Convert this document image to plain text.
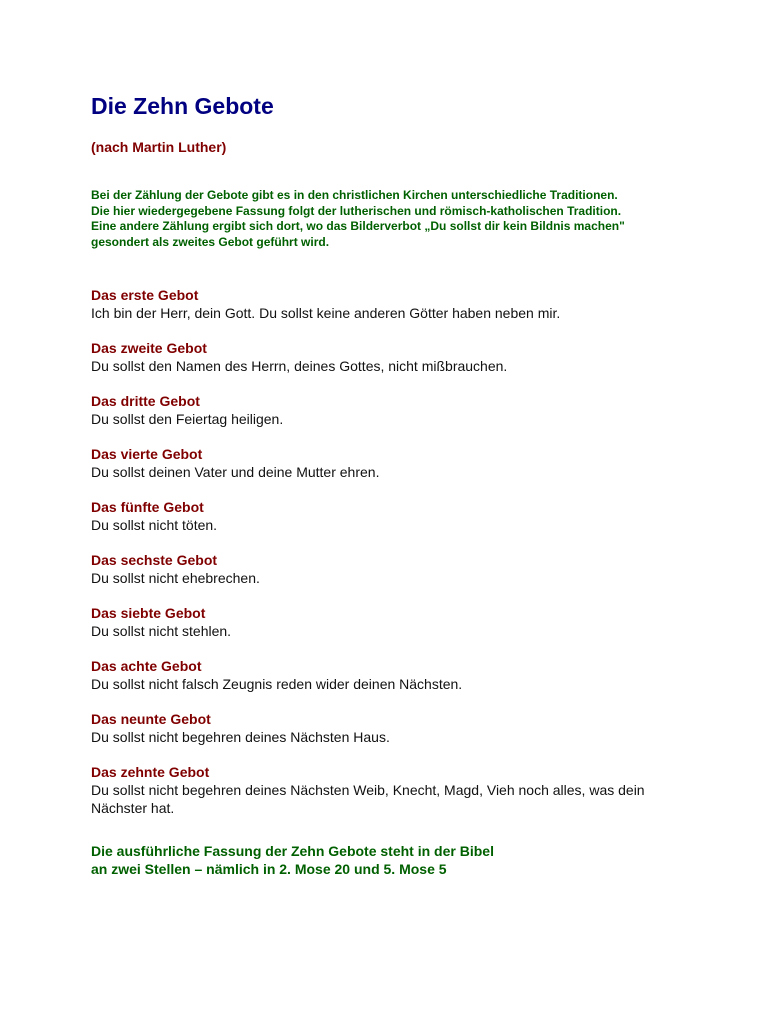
Die Zehn Gebote
(nach Martin Luther)
Bei der Zählung der Gebote gibt es in den christlichen Kirchen unterschiedliche Traditionen.
Die hier wiedergegebene Fassung folgt der lutherischen und römisch-katholischen Tradition.
Eine andere Zählung ergibt sich dort, wo das Bilderverbot „Du sollst dir kein Bildnis machen"
gesondert als zweites Gebot geführt wird.
Das erste Gebot
Ich bin der Herr, dein Gott. Du sollst keine anderen Götter haben neben mir.
Das zweite Gebot
Du sollst den Namen des Herrn, deines Gottes, nicht mißbrauchen.
Das dritte Gebot
Du sollst den Feiertag heiligen.
Das vierte Gebot
Du sollst deinen Vater und deine Mutter ehren.
Das fünfte Gebot
Du sollst nicht töten.
Das sechste Gebot
Du sollst nicht ehebrechen.
Das siebte Gebot
Du sollst nicht stehlen.
Das achte Gebot
Du sollst nicht falsch Zeugnis reden wider deinen Nächsten.
Das neunte Gebot
Du sollst nicht begehren deines Nächsten Haus.
Das zehnte Gebot
Du sollst nicht begehren deines Nächsten Weib, Knecht, Magd, Vieh noch alles, was dein Nächster hat.
Die ausführliche Fassung der Zehn Gebote steht in der Bibel
an zwei Stellen – nämlich in 2. Mose 20 und 5. Mose 5
